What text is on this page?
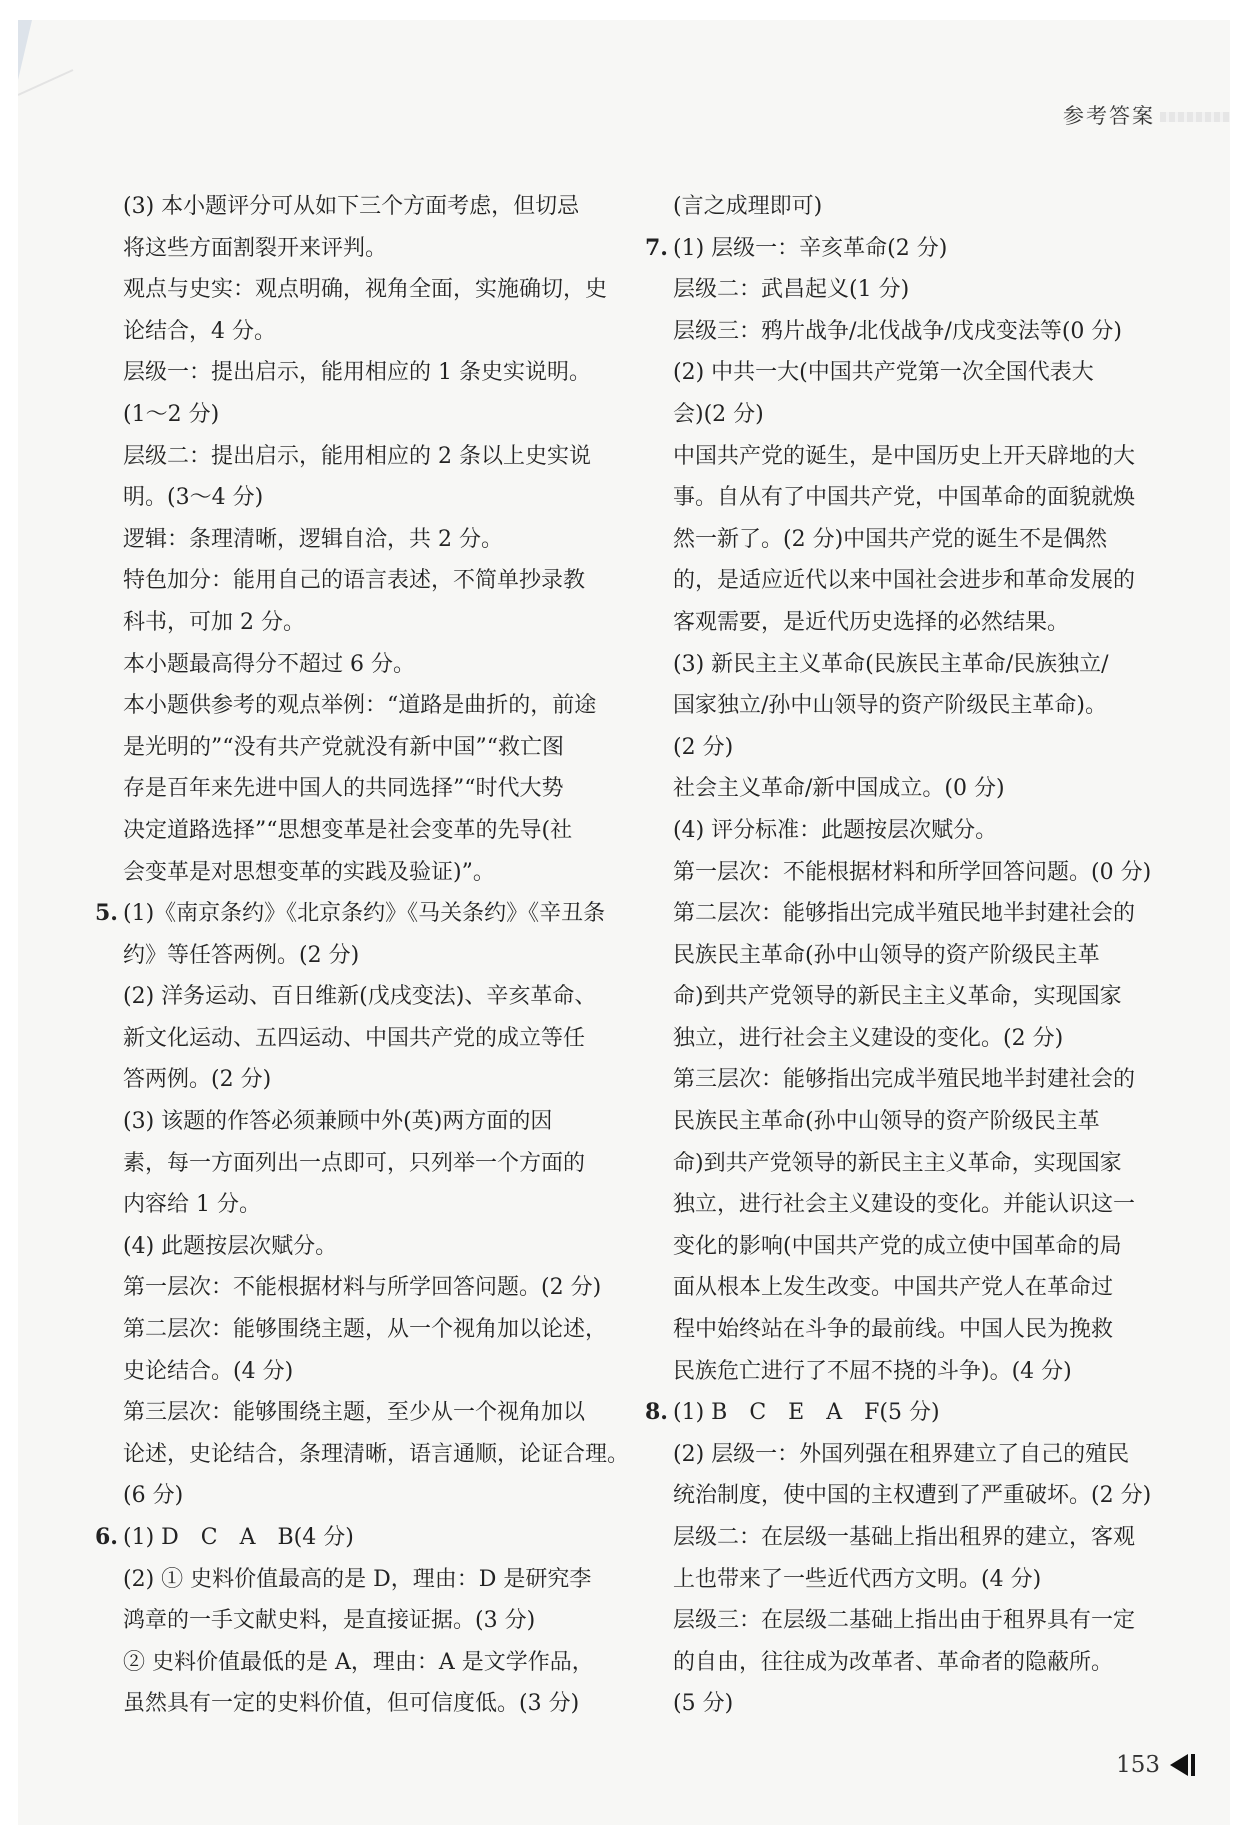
参考答案
(3) 本小题评分可从如下三个方面考虑，但切忌
将这些方面割裂开来评判。
观点与史实：观点明确，视角全面，实施确切，史
论结合，4 分。
层级一：提出启示，能用相应的 1 条史实说明。
(1～2 分)
层级二：提出启示，能用相应的 2 条以上史实说
明。(3～4 分)
逻辑：条理清晰，逻辑自洽，共 2 分。
特色加分：能用自己的语言表述，不简单抄录教
科书，可加 2 分。
本小题最高得分不超过 6 分。
本小题供参考的观点举例：“道路是曲折的，前途
是光明的”“没有共产党就没有新中国”“救亡图
存是百年来先进中国人的共同选择”“时代大势
决定道路选择”“思想变革是社会变革的先导(社
会变革是对思想变革的实践及验证)”。
5. (1)《南京条约》《北京条约》《马关条约》《辛丑条
约》等任答两例。(2 分)
(2) 洋务运动、百日维新(戊戌变法)、辛亥革命、
新文化运动、五四运动、中国共产党的成立等任
答两例。(2 分)
(3) 该题的作答必须兼顾中外(英)两方面的因
素，每一方面列出一点即可，只列举一个方面的
内容给 1 分。
(4) 此题按层次赋分。
第一层次：不能根据材料与所学回答问题。(2 分)
第二层次：能够围绕主题，从一个视角加以论述，
史论结合。(4 分)
第三层次：能够围绕主题，至少从一个视角加以
论述，史论结合，条理清晰，语言通顺，论证合理。
(6 分)
6. (1) D　C　A　B(4 分)
(2) ① 史料价值最高的是 D，理由：D 是研究李
鸿章的一手文献史料，是直接证据。(3 分)
② 史料价值最低的是 A，理由：A 是文学作品，
虽然具有一定的史料价值，但可信度低。(3 分)
(言之成理即可)
7. (1) 层级一：辛亥革命(2 分)
层级二：武昌起义(1 分)
层级三：鸦片战争/北伐战争/戊戌变法等(0 分)
(2) 中共一大(中国共产党第一次全国代表大
会)(2 分)
中国共产党的诞生，是中国历史上开天辟地的大
事。自从有了中国共产党，中国革命的面貌就焕
然一新了。(2 分)中国共产党的诞生不是偶然
的，是适应近代以来中国社会进步和革命发展的
客观需要，是近代历史选择的必然结果。
(3) 新民主主义革命(民族民主革命/民族独立/
国家独立/孙中山领导的资产阶级民主革命)。
(2 分)
社会主义革命/新中国成立。(0 分)
(4) 评分标准：此题按层次赋分。
第一层次：不能根据材料和所学回答问题。(0 分)
第二层次：能够指出完成半殖民地半封建社会的
民族民主革命(孙中山领导的资产阶级民主革
命)到共产党领导的新民主主义革命，实现国家
独立，进行社会主义建设的变化。(2 分)
第三层次：能够指出完成半殖民地半封建社会的
民族民主革命(孙中山领导的资产阶级民主革
命)到共产党领导的新民主主义革命，实现国家
独立，进行社会主义建设的变化。并能认识这一
变化的影响(中国共产党的成立使中国革命的局
面从根本上发生改变。中国共产党人在革命过
程中始终站在斗争的最前线。中国人民为挽救
民族危亡进行了不屈不挠的斗争)。(4 分)
8. (1) B　C　E　A　F(5 分)
(2) 层级一：外国列强在租界建立了自己的殖民
统治制度，使中国的主权遭到了严重破坏。(2 分)
层级二：在层级一基础上指出租界的建立，客观
上也带来了一些近代西方文明。(4 分)
层级三：在层级二基础上指出由于租界具有一定
的自由，往往成为改革者、革命者的隐蔽所。
(5 分)
153
